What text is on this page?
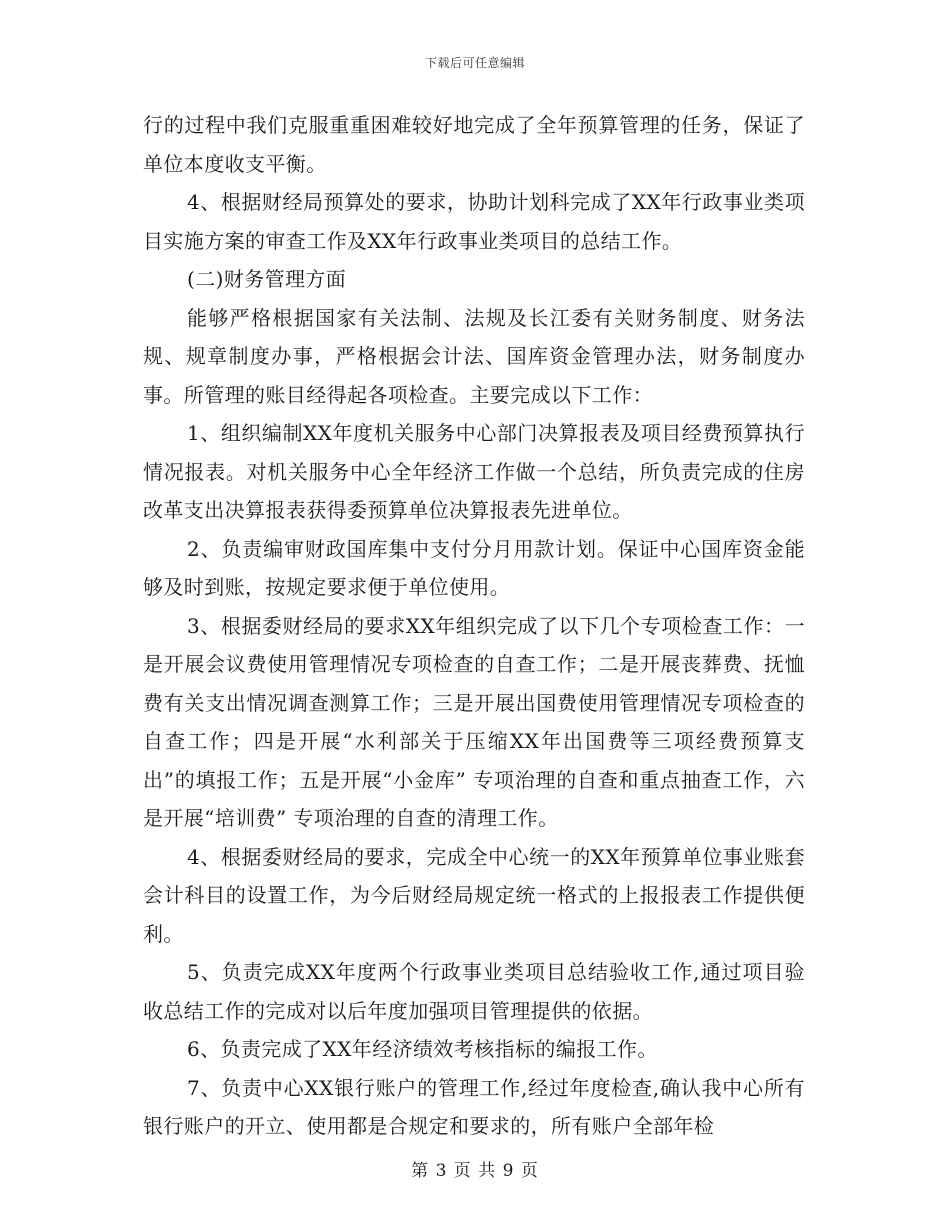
下载后可任意编辑

行的过程中我们克服重重困难较好地完成了全年预算管理的任务，保证了单位本度收支平衡。

4、根据财经局预算处的要求，协助计划科完成了XX年行政事业类项目实施方案的审查工作及XX年行政事业类项目的总结工作。

(二)财务管理方面

能够严格根据国家有关法制、法规及长江委有关财务制度、财务法规、规章制度办事，严格根据会计法、国库资金管理办法，财务制度办事。所管理的账目经得起各项检查。主要完成以下工作：

1、组织编制XX年度机关服务中心部门决算报表及项目经费预算执行情况报表。对机关服务中心全年经济工作做一个总结，所负责完成的住房改革支出决算报表获得委预算单位决算报表先进单位。

2、负责编审财政国库集中支付分月用款计划。保证中心国库资金能够及时到账，按规定要求便于单位使用。

3、根据委财经局的要求XX年组织完成了以下几个专项检查工作：一是开展会议费使用管理情况专项检查的自查工作；二是开展丧葬费、抚恤费有关支出情况调查测算工作；三是开展出国费使用管理情况专项检查的自查工作；四是开展“水利部关于压缩XX年出国费等三项经费预算支出”的填报工作；五是开展“小金库” 专项治理的自查和重点抽查工作，六是开展“培训费” 专项治理的自查的清理工作。

4、根据委财经局的要求，完成全中心统一的XX年预算单位事业账套会计科目的设置工作，为今后财经局规定统一格式的上报报表工作提供便利。

5、负责完成XX年度两个行政事业类项目总结验收工作,通过项目验收总结工作的完成对以后年度加强项目管理提供的依据。

6、负责完成了XX年经济绩效考核指标的编报工作。

7、负责中心XX银行账户的管理工作,经过年度检查,确认我中心所有银行账户的开立、使用都是合规定和要求的，所有账户全部年检

第 3 页 共 9 页
